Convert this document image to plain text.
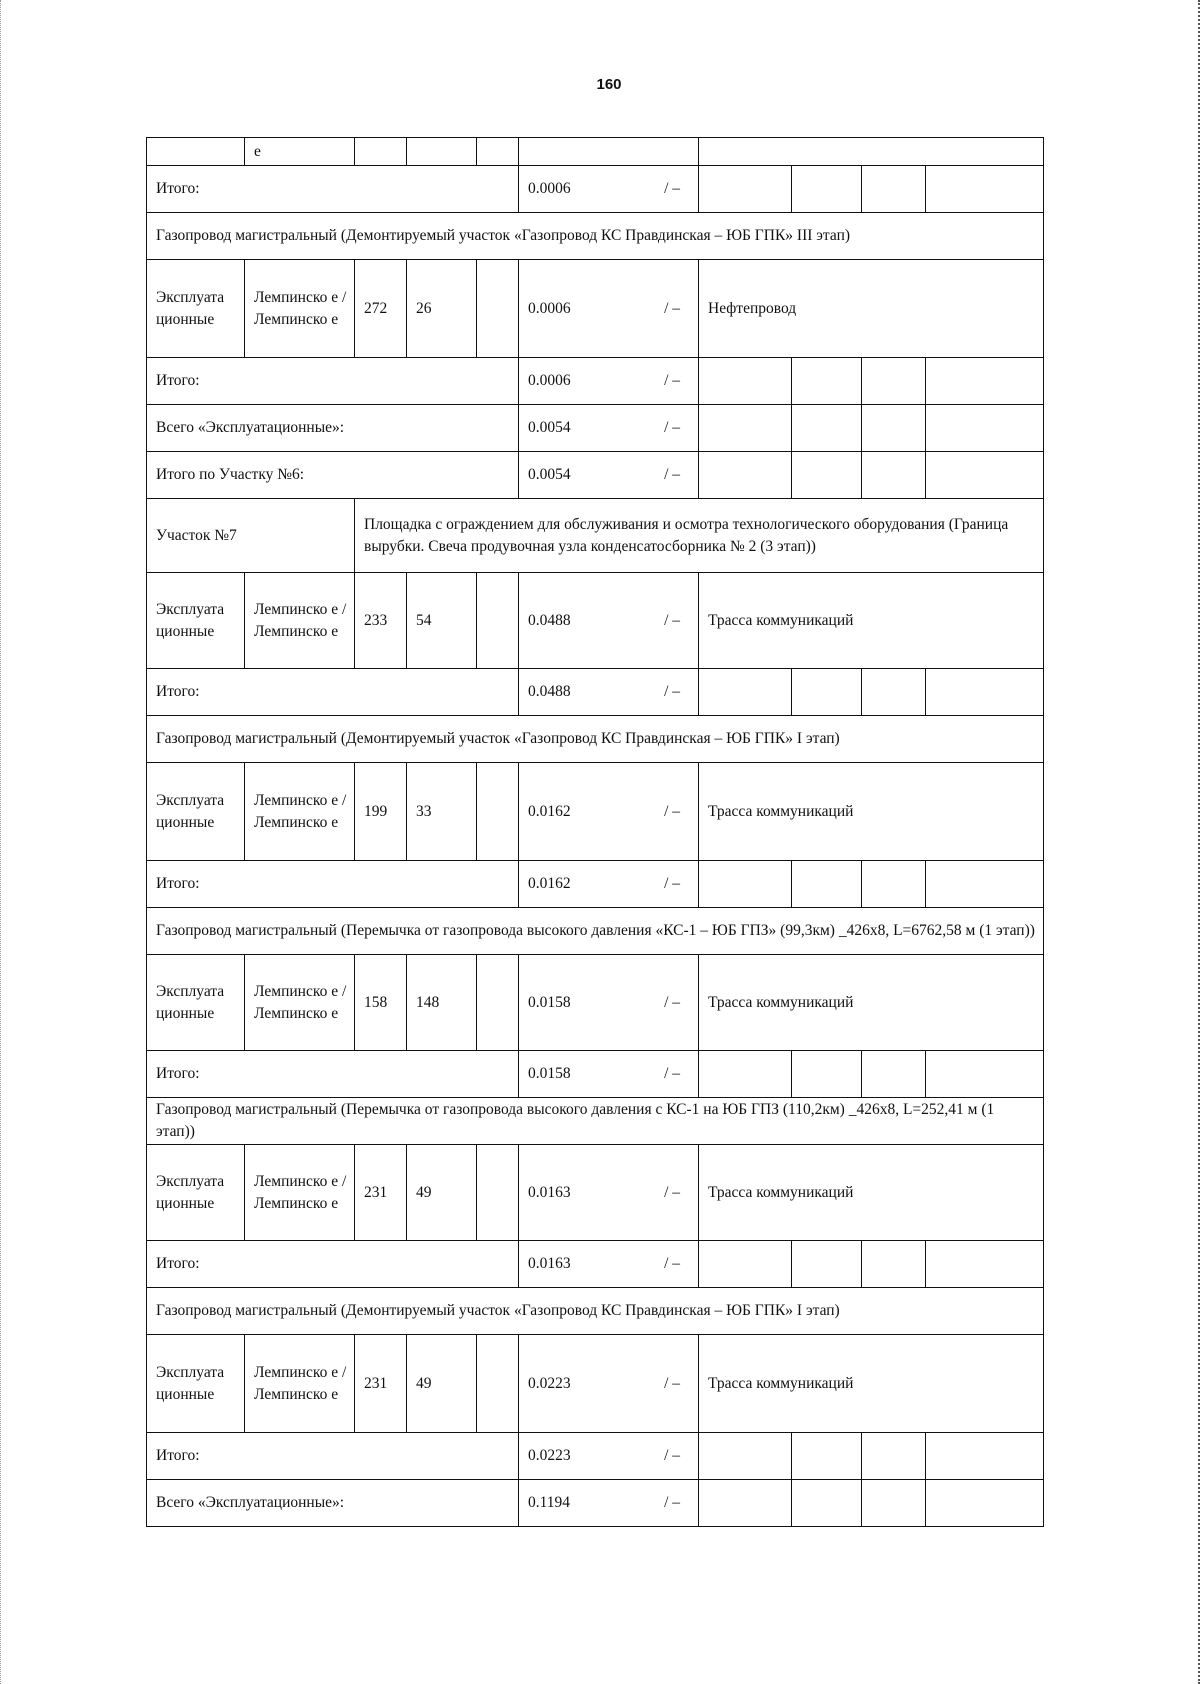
160
	е								
Итого:					0.0006 / –				

Газопровод магистральный (Демонтируемый участок «Газопровод КС Правдинская – ЮБ ГПК» III этап)									
Эксплуата ционные	Лемпинско е / Лемпинско е	272	26		0.0006 / –	Нефтепровод			
Итого:					0.0006 / –				

Всего «Эксплуатационные»:					0.0054 / –				

Итого по Участку №6:					0.0054 / –				

Участок №7		Площадка с ограждением для обслуживания и осмотра технологического оборудования (Граница вырубки. Свеча продувочная узла конденсатосборника № 2 (3 этап))							
Эксплуата ционные	Лемпинско е / Лемпинско е	233	54		0.0488 / –	Трасса коммуникаций			
Итого:					0.0488 / –				

Газопровод магистральный (Демонтируемый участок «Газопровод КС Правдинская – ЮБ ГПК» I этап)									
Эксплуата ционные	Лемпинско е / Лемпинско е	199	33		0.0162 / –	Трасса коммуникаций			
Итого:					0.0162 / –				

Газопровод магистральный (Перемычка от газопровода высокого давления «КС-1 – ЮБ ГПЗ» (99,3км) _426х8, L=6762,58 м (1 этап))									
Эксплуата ционные	Лемпинско е / Лемпинско е	158	148		0.0158 / –	Трасса коммуникаций			
Итого:					0.0158 / –				

Газопровод магистральный (Перемычка от газопровода высокого давления с КС-1 на ЮБ ГПЗ (110,2км) _426х8, L=252,41 м (1 этап))									
Эксплуата ционные	Лемпинско е / Лемпинско е	231	49		0.0163 / –	Трасса коммуникаций			
Итого:					0.0163 / –				

Газопровод магистральный (Демонтируемый участок «Газопровод КС Правдинская – ЮБ ГПК» I этап)									
Эксплуата ционные	Лемпинско е / Лемпинско е	231	49		0.0223 / –	Трасса коммуникаций			
Итого:					0.0223 / –				

Всего «Эксплуатационные»:					0.1194 / –				
